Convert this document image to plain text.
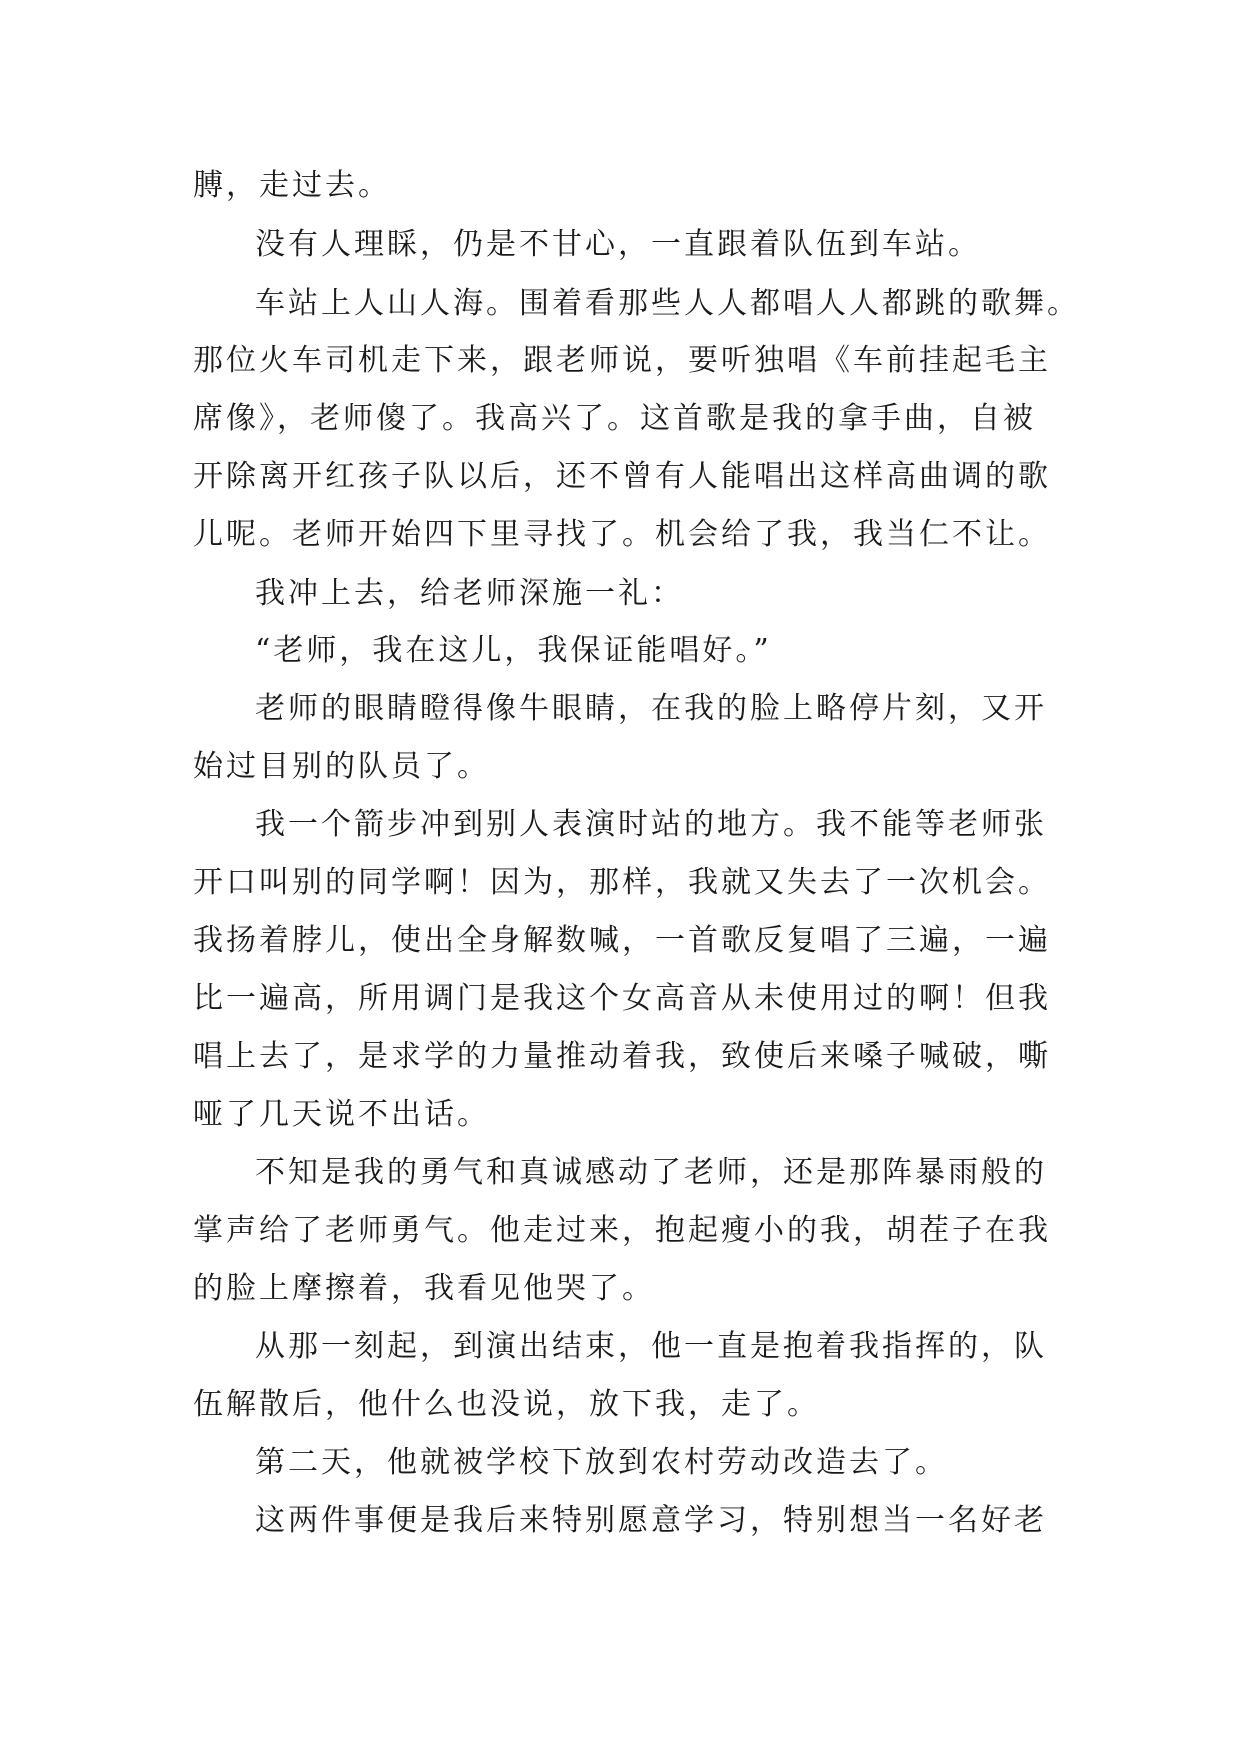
膊，走过去。
没有人理睬，仍是不甘心，一直跟着队伍到车站。
车站上人山人海。围着看那些人人都唱人人都跳的歌舞。
那位火车司机走下来，跟老师说，要听独唱《车前挂起毛主
席像》，老师傻了。我高兴了。这首歌是我的拿手曲，自被
开除离开红孩子队以后，还不曾有人能唱出这样高曲调的歌
儿呢。老师开始四下里寻找了。机会给了我，我当仁不让。
我冲上去，给老师深施一礼：
“老师，我在这儿，我保证能唱好。”
老师的眼睛瞪得像牛眼睛，在我的脸上略停片刻，又开
始过目别的队员了。
我一个箭步冲到别人表演时站的地方。我不能等老师张
开口叫别的同学啊！因为，那样，我就又失去了一次机会。
我扬着脖儿，使出全身解数喊，一首歌反复唱了三遍，一遍
比一遍高，所用调门是我这个女高音从未使用过的啊！但我
唱上去了，是求学的力量推动着我，致使后来嗓子喊破，嘶
哑了几天说不出话。
不知是我的勇气和真诚感动了老师，还是那阵暴雨般的
掌声给了老师勇气。他走过来，抱起瘦小的我，胡茬子在我
的脸上摩擦着，我看见他哭了。
从那一刻起，到演出结束，他一直是抱着我指挥的，队
伍解散后，他什么也没说，放下我，走了。
第二天，他就被学校下放到农村劳动改造去了。
这两件事便是我后来特别愿意学习，特别想当一名好老
